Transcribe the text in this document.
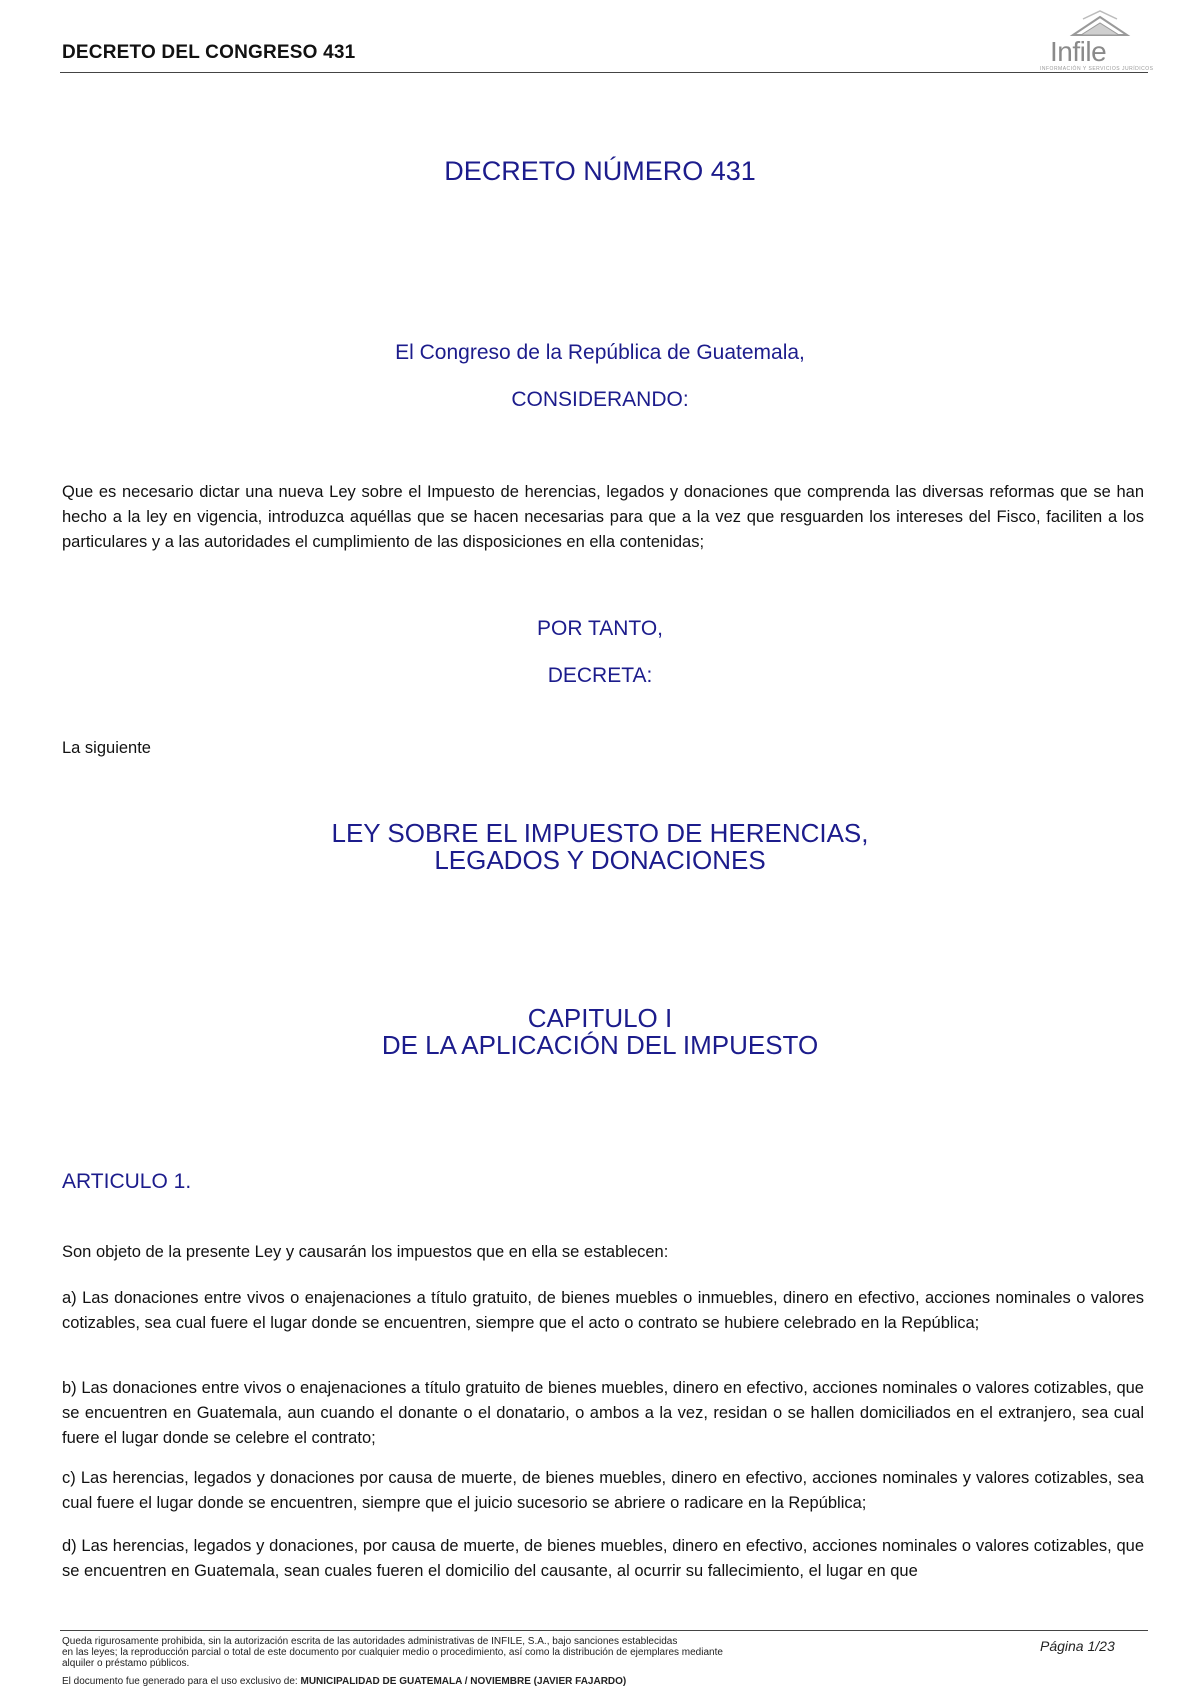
DECRETO DEL CONGRESO 431	Infile
INFORMACIÓN Y SERVICIOS JURÍDICOS
DECRETO NÚMERO 431
El Congreso de la República de Guatemala,
CONSIDERANDO:
Que es necesario dictar una nueva Ley sobre el Impuesto de herencias, legados y donaciones que comprenda las diversas reformas que se han hecho a la ley en vigencia, introduzca aquéllas que se hacen necesarias para que a la vez que resguarden los intereses del Fisco, faciliten a los particulares y a las autoridades el cumplimiento de las disposiciones en ella contenidas;
POR TANTO,
DECRETA:
La siguiente
LEY SOBRE EL IMPUESTO DE HERENCIAS,
LEGADOS Y DONACIONES
CAPITULO I
DE LA APLICACIÓN DEL IMPUESTO
ARTICULO 1.
Son objeto de la presente Ley y causarán los impuestos que en ella se establecen:
a) Las donaciones entre vivos o enajenaciones a título gratuito, de bienes muebles o inmuebles, dinero en efectivo, acciones nominales o valores cotizables, sea cual fuere el lugar donde se encuentren, siempre que el acto o contrato se hubiere celebrado en la República;
b) Las donaciones entre vivos o enajenaciones a título gratuito de bienes muebles, dinero en efectivo, acciones nominales o valores cotizables, que se encuentren en Guatemala, aun cuando el donante o el donatario, o ambos a la vez, residan o se hallen domiciliados en el extranjero, sea cual fuere el lugar donde se celebre el contrato;
c) Las herencias, legados y donaciones por causa de muerte, de bienes muebles, dinero en efectivo, acciones nominales y valores cotizables, sea cual fuere el lugar donde se encuentren, siempre que el juicio sucesorio se abriere o radicare en la República;
d) Las herencias, legados y donaciones, por causa de muerte, de bienes muebles, dinero en efectivo, acciones nominales o valores cotizables, que se encuentren en Guatemala, sean cuales fueren el domicilio del causante, al ocurrir su fallecimiento, el lugar en que
Queda rigurosamente prohibida, sin la autorización escrita de las autoridades administrativas de INFILE, S.A., bajo sanciones establecidas
en las leyes; la reproducción parcial o total de este documento por cualquier medio o procedimiento, así como la distribución de ejemplares mediante
alquiler o préstamo públicos.
El documento fue generado para el uso exclusivo de: MUNICIPALIDAD DE GUATEMALA / NOVIEMBRE (JAVIER FAJARDO)
Página 1/23
